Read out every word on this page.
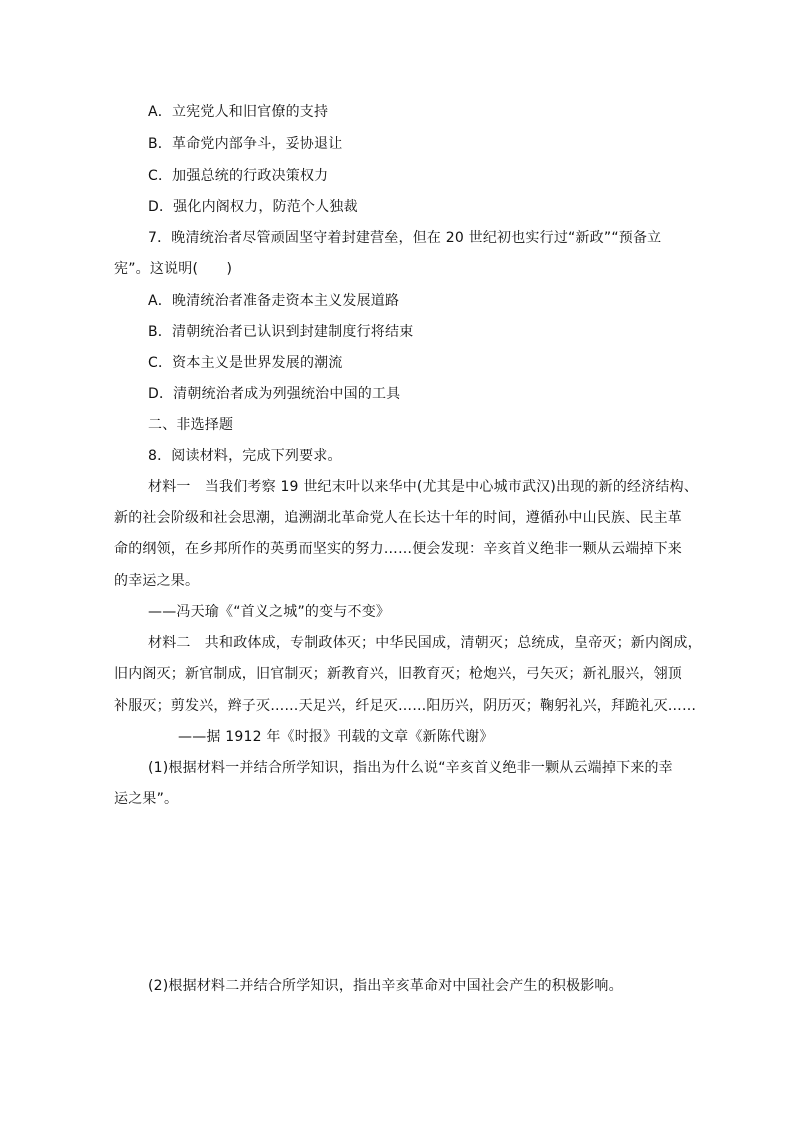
A．立宪党人和旧官僚的支持
B．革命党内部争斗，妥协退让
C．加强总统的行政决策权力
D．强化内阁权力，防范个人独裁
7．晚清统治者尽管顽固坚守着封建营垒，但在 20 世纪初也实行过“新政”“预备立
宪”。这说明(　　)
A．晚清统治者准备走资本主义发展道路
B．清朝统治者已认识到封建制度行将结束
C．资本主义是世界发展的潮流
D．清朝统治者成为列强统治中国的工具
二、非选择题
8．阅读材料，完成下列要求。
材料一　当我们考察 19 世纪末叶以来华中(尤其是中心城市武汉)出现的新的经济结构、
新的社会阶级和社会思潮，追溯湖北革命党人在长达十年的时间，遵循孙中山民族、民主革
命的纲领，在乡邦所作的英勇而坚实的努力……便会发现：辛亥首义绝非一颗从云端掉下来
的幸运之果。
——冯天瑜《“首义之城”的变与不变》
材料二　共和政体成，专制政体灭；中华民国成，清朝灭；总统成，皇帝灭；新内阁成，
旧内阁灭；新官制成，旧官制灭；新教育兴，旧教育灭；枪炮兴，弓矢灭；新礼服兴，翎顶
补服灭；剪发兴，辫子灭……天足兴，纤足灭……阳历兴，阴历灭；鞠躬礼兴，拜跪礼灭……
——据 1912 年《时报》刊载的文章《新陈代谢》
(1)根据材料一并结合所学知识，指出为什么说“辛亥首义绝非一颗从云端掉下来的幸
运之果”。
(2)根据材料二并结合所学知识，指出辛亥革命对中国社会产生的积极影响。
